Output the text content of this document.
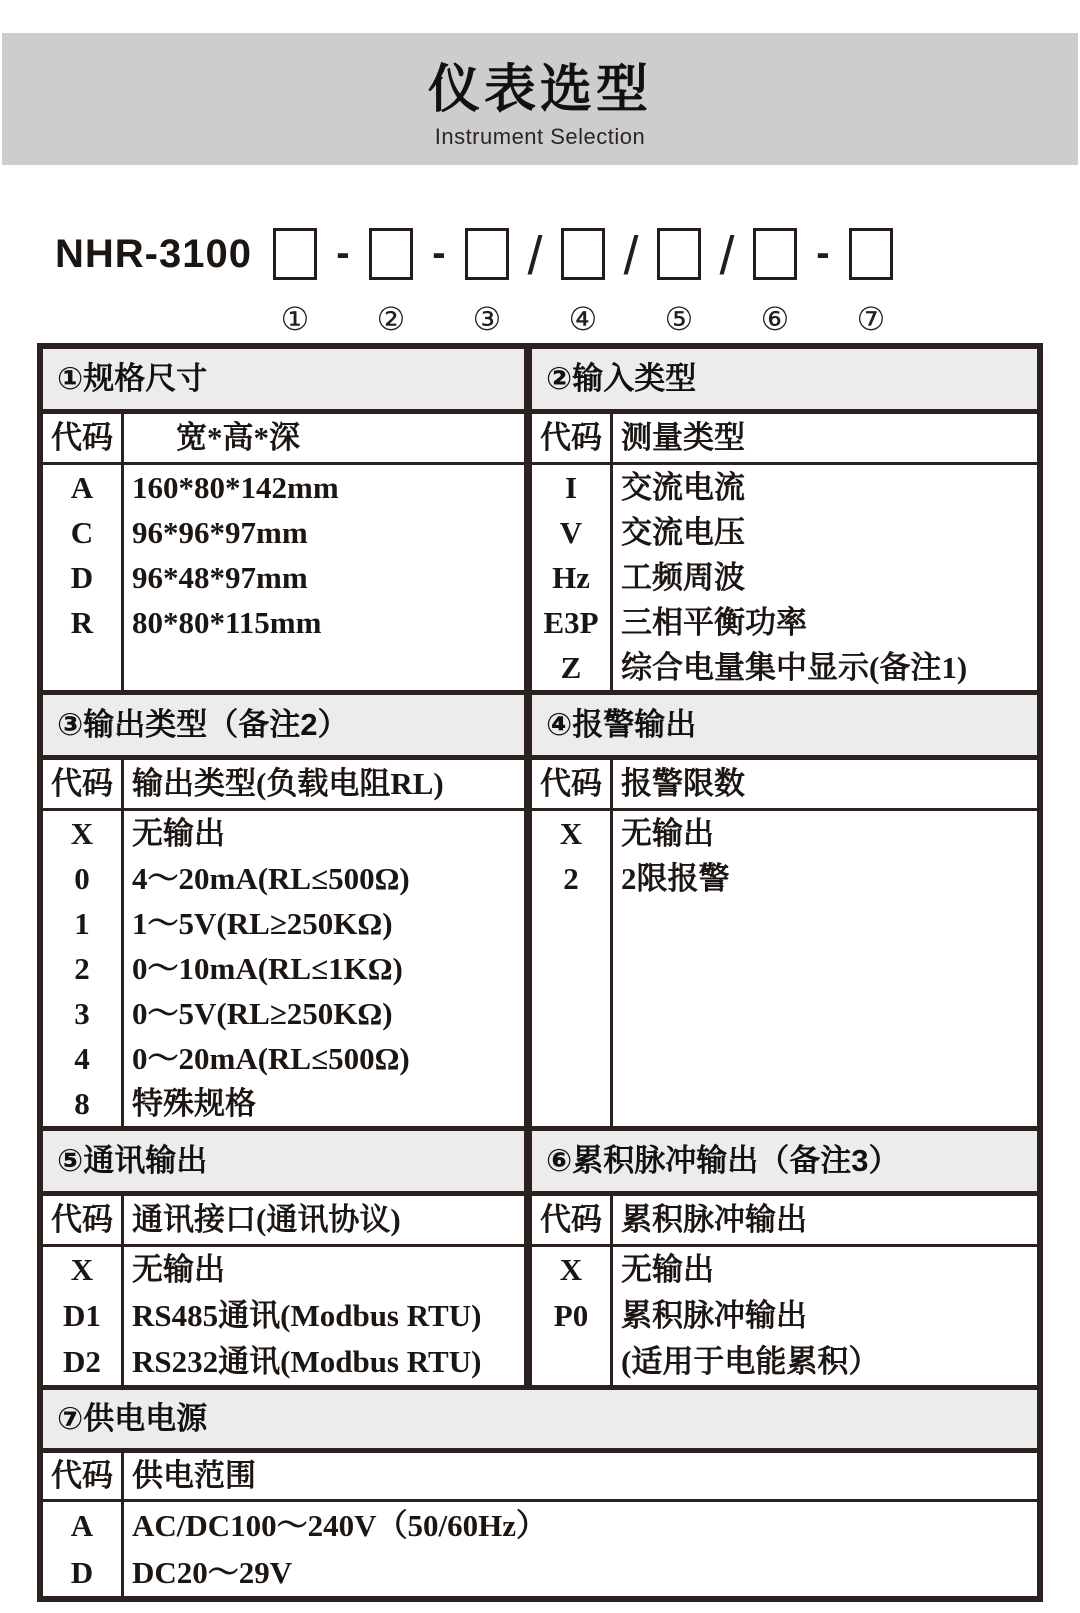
仪表选型
Instrument Selection
NHR-3100
①
-
②
-
③
/
④
/
⑤
/
⑥
-
⑦
①规格尺寸
代码	宽*高*深
A
C
D
R
160*80*142mm
96*96*97mm
96*48*97mm
80*80*115mm
②输入类型
代码 测量类型
I
V
Hz
E3P
Z
交流电流
交流电压
工频周波
三相平衡功率
综合电量集中显示(备注1)
③输出类型（备注2）
代码 输出类型(负载电阻RL)
X
0
1
2
3
4
8
无输出
4～20mA(RL≤500Ω)
1～5V(RL≥250KΩ)
0～10mA(RL≤1KΩ)
0～5V(RL≥250KΩ)
0～20mA(RL≤500Ω)
特殊规格
④报警输出
代码 报警限数
X
2
无输出
2限报警
⑤通讯输出
代码 通讯接口(通讯协议)
X
D1
D2
无输出
RS485通讯(Modbus RTU)
RS232通讯(Modbus RTU)
⑥累积脉冲输出（备注3）
代码 累积脉冲输出
X
P0
无输出
累积脉冲输出
(适用于电能累积）
⑦供电电源
代码 供电范围
A
D
AC/DC100～240V（50/60Hz）
DC20～29V
